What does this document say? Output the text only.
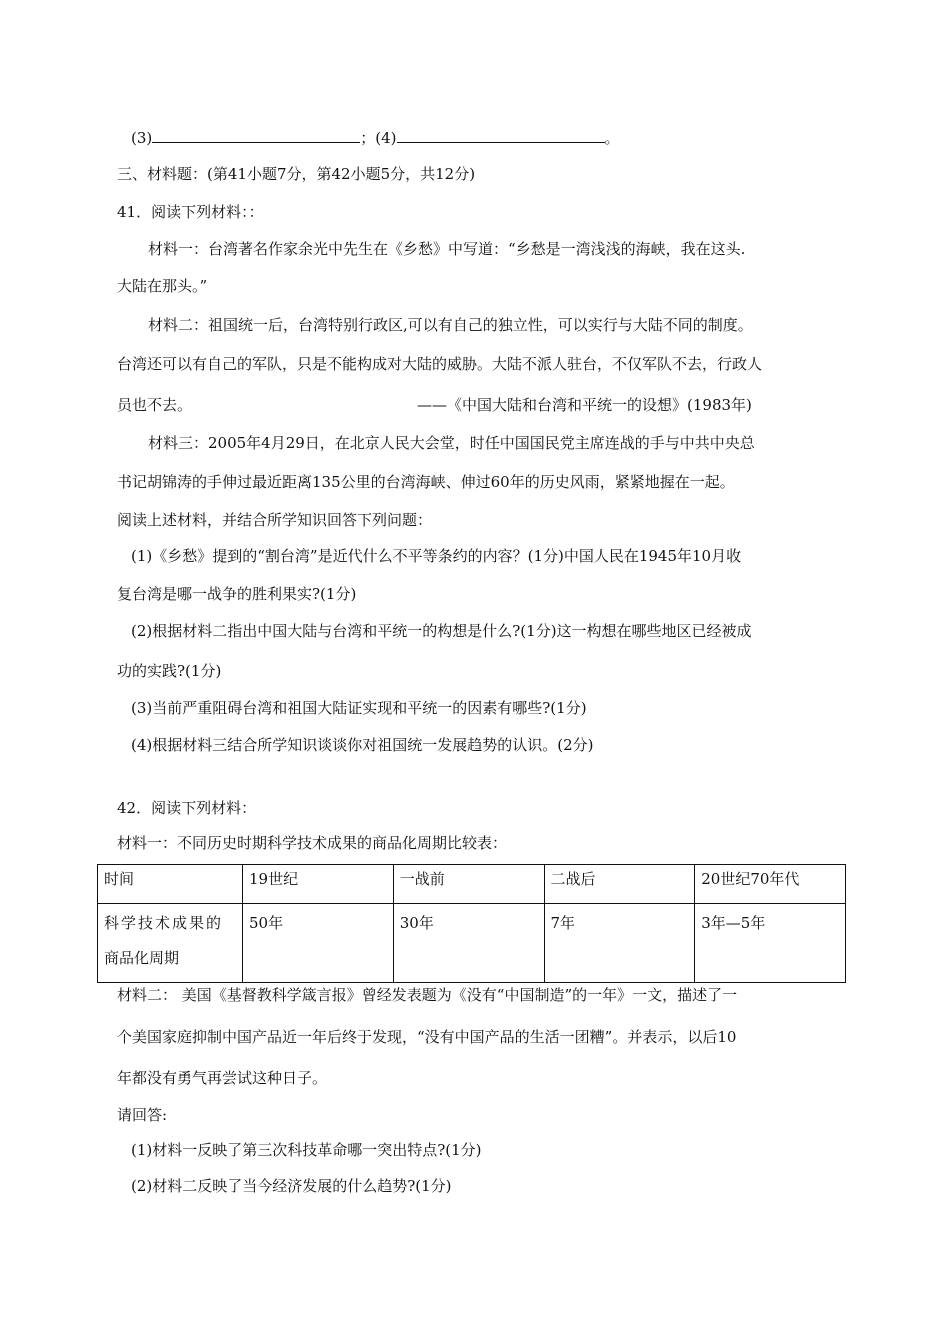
(3)	；(4)	。
三、材料题：(第41小题7分，第42小题5分，共12分)
41．阅读下列材料：：
材料一：台湾著名作家余光中先生在《乡愁》中写道：“乡愁是一湾浅浅的海峡，我在这头.
大陆在那头。”
材料二：祖国统一后，台湾特别行政区,可以有自己的独立性，可以实行与大陆不同的制度。
台湾还可以有自己的军队，只是不能构成对大陆的威胁。大陆不派人驻台，不仅军队不去，行政人
员也不去。	——《中国大陆和台湾和平统一的设想》(1983年)
材料三：2005年4月29日，在北京人民大会堂，时任中国国民党主席连战的手与中共中央总
书记胡锦涛的手伸过最近距离135公里的台湾海峡、伸过60年的历史风雨，紧紧地握在一起。
阅读上述材料，并结合所学知识回答下列问题：
(1)《乡愁》提到的“割台湾”是近代什么不平等条约的内容？(1分)中国人民在1945年10月收
复台湾是哪一战争的胜利果实?(1分)
(2)根据材料二指出中国大陆与台湾和平统一的构想是什么?(1分)这一构想在哪些地区已经被成
功的实践?(1分)
(3)当前严重阻碍台湾和祖国大陆证实现和平统一的因素有哪些?(1分)
(4)根据材料三结合所学知识谈谈你对祖国统一发展趋势的认识。(2分)
42．阅读下列材料：
材料一：不同历史时期科学技术成果的商品化周期比较表：
时间	19世纪	一战前	二战后	20世纪70年代

科学技术成果的
商品化周期	50年	30年	7年	3年—5年
材料二： 美国《基督教科学箴言报》曾经发表题为《没有“中国制造”的一年》一文，描述了一
个美国家庭抑制中国产品近一年后终于发现，“没有中国产品的生活一团糟”。并表示，以后10
年都没有勇气再尝试这种日子。
请回答:
(1)材料一反映了第三次科技革命哪一突出特点?(1分)
(2)材料二反映了当今经济发展的什么趋势?(1分)
